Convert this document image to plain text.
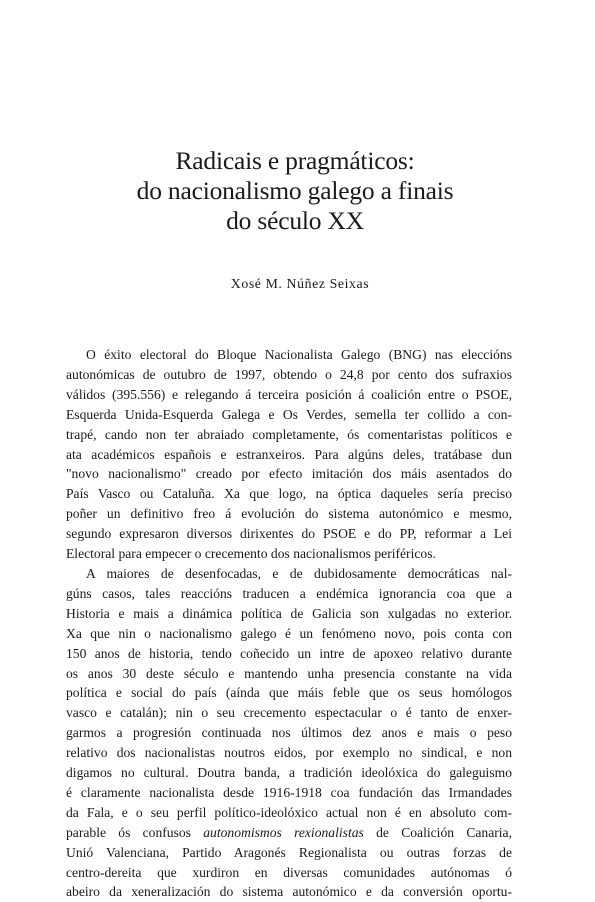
Radicais e pragmáticos:
do nacionalismo galego a finais
do século XX
Xosé M. Núñez Seixas

O éxito electoral do Bloque Nacionalista Galego (BNG) nas eleccións
autonómicas de outubro de 1997, obtendo o 24,8 por cento dos sufraxios
válidos (395.556) e relegando á terceira posición á coalición entre o PSOE,
Esquerda Unida-Esquerda Galega e Os Verdes, semella ter collido a con-
trapé, cando non ter abraiado completamente, ós comentaristas políticos e
ata académicos españois e estranxeiros. Para algúns deles, tratábase dun
"novo nacionalismo" creado por efecto imitación dos máis asentados do
País Vasco ou Cataluña. Xa que logo, na óptica daqueles sería preciso
poñer un definitivo freo á evolución do sistema autonómico e mesmo,
segundo expresaron diversos dirixentes do PSOE e do PP, reformar a Lei
Electoral para empecer o crecemento dos nacionalismos periféricos.

A maiores de desenfocadas, e de dubidosamente democráticas nal-
gúns casos, tales reaccións traducen a endémica ignorancia coa que a
Historia e mais a dinámica política de Galicia son xulgadas no exterior.
Xa que nin o nacionalismo galego é un fenómeno novo, pois conta con
150 anos de historia, tendo coñecido un intre de apoxeo relativo durante
os anos 30 deste século e mantendo unha presencia constante na vida
política e social do país (aínda que máis feble que os seus homólogos
vasco e catalán); nin o seu crecemento espectacular o é tanto de enxer-
garmos a progresión continuada nos últimos dez anos e mais o peso
relativo dos nacionalistas noutros eidos, por exemplo no sindical, e non
digamos no cultural. Doutra banda, a tradición ideolóxica do galeguismo
é claramente nacionalista desde 1916-1918 coa fundación das Irmandades
da Fala, e o seu perfil político-ideolóxico actual non é en absoluto com-
parable ós confusos autonomismos rexionalistas de Coalición Canaria,
Unió Valenciana, Partido Aragonés Regionalista ou outras forzas de
centro-dereita que xurdiron en diversas comunidades autónomas ó
abeiro da xeneralización do sistema autonómico e da conversión oportu-
